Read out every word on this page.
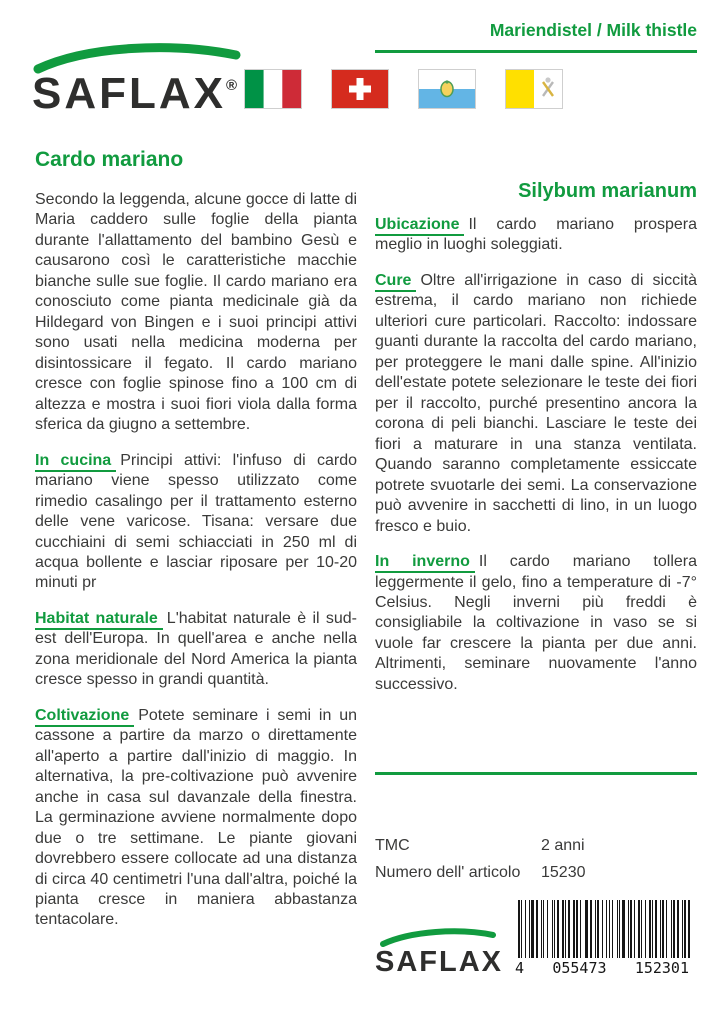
Mariendistel / Milk thistle
SAFLAX®
Cardo mariano

Secondo la leggenda, alcune gocce di latte di Maria caddero sulle foglie della pianta durante l'allattamento del bambino Gesù e causarono così le caratteristiche macchie bianche sulle sue foglie. Il cardo mariano era conosciuto come pianta medicinale già da Hildegard von Bingen e i suoi principi attivi sono usati nella medicina moderna per disintossicare il fegato. Il cardo mariano cresce con foglie spinose fino a 100 cm di altezza e mostra i suoi fiori viola dalla forma sferica da giugno a settembre.

In cucina Principi attivi: l'infuso di cardo mariano viene spesso utilizzato come rimedio casalingo per il trattamento esterno delle vene varicose. Tisana: versare due cucchiaini di semi schiacciati in 250 ml di acqua bollente e lasciar riposare per 10-20 minuti pr

Habitat naturale L'habitat naturale è il sud-est dell'Europa. In quell'area e anche nella zona meridionale del Nord America la pianta cresce spesso in grandi quantità.

Coltivazione Potete seminare i semi in un cassone a partire da marzo o direttamente all'aperto a partire dall'inizio di maggio. In alternativa, la pre-coltivazione può avvenire anche in casa sul davanzale della finestra. La germinazione avviene normalmente dopo due o tre settimane. Le piante giovani dovrebbero essere collocate ad una distanza di circa 40 centimetri l'una dall'altra, poiché la pianta cresce in maniera abbastanza tentacolare.

Silybum marianum

Ubicazione Il cardo mariano prospera meglio in luoghi soleggiati.

Cure Oltre all'irrigazione in caso di siccità estrema, il cardo mariano non richiede ulteriori cure particolari. Raccolto: indossare guanti durante la raccolta del cardo mariano, per proteggere le mani dalle spine. All'inizio dell'estate potete selezionare le teste dei fiori per il raccolto, purché presentino ancora la corona di peli bianchi. Lasciare le teste dei fiori a maturare in una stanza ventilata. Quando saranno completamente essiccate potrete svuotarle dei semi. La conservazione può avvenire in sacchetti di lino, in un luogo fresco e buio.

In inverno Il cardo mariano tollera leggermente il gelo, fino a temperature di -7° Celsius. Negli inverni più freddi è consigliabile la coltivazione in vaso se si vuole far crescere la pianta per due anni. Altrimenti, seminare nuovamente l'anno successivo.

TMC	2 anni
Numero dell' articolo	15230
SAFLAX 4 055473 152301
